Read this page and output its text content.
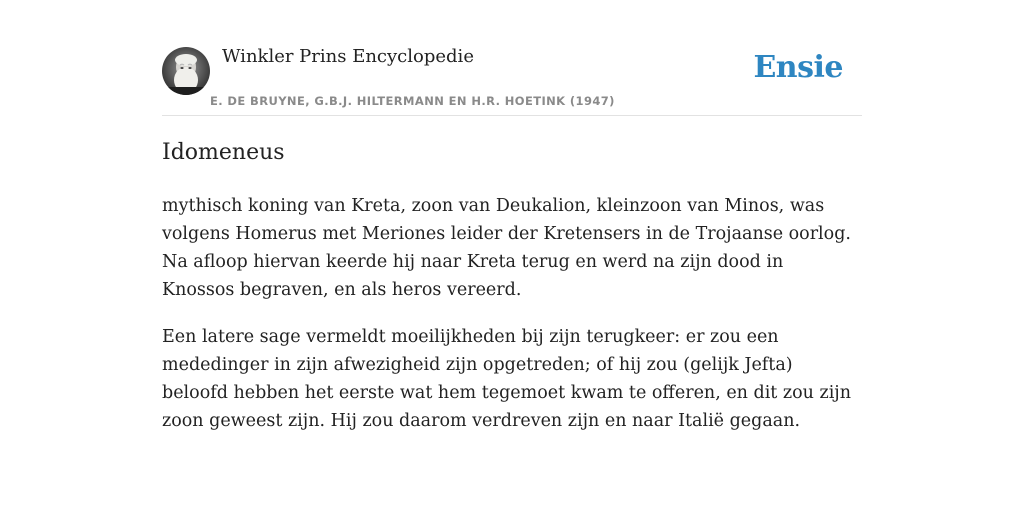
Winkler Prins Encyclopedie
E. DE BRUYNE, G.B.J. HILTERMANN EN H.R. HOETINK (1947)
Ensie
Idomeneus

mythisch koning van Kreta, zoon van Deukalion, kleinzoon van Minos, was volgens Homerus met Meriones leider der Kretensers in de Trojaanse oorlog. Na afloop hiervan keerde hij naar Kreta terug en werd na zijn dood in Knossos begraven, en als heros vereerd.

Een latere sage vermeldt moeilijkheden bij zijn terugkeer: er zou een mededinger in zijn afwezigheid zijn opgetreden; of hij zou (gelijk Jefta) beloofd hebben het eerste wat hem tegemoet kwam te offeren, en dit zou zijn zoon geweest zijn. Hij zou daarom verdreven zijn en naar Italië gegaan.
